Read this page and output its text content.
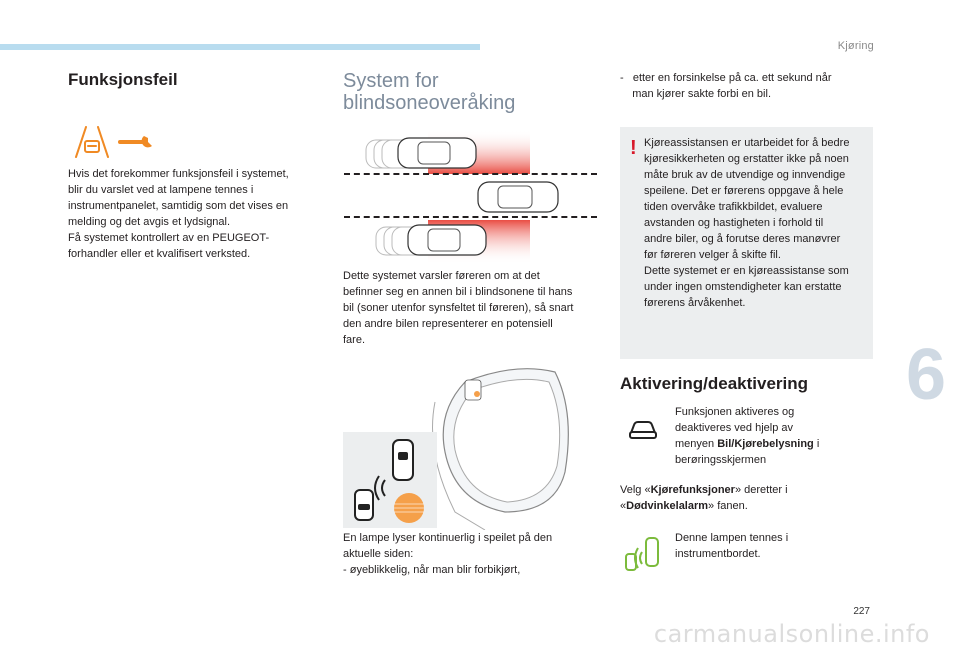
Kjøring
6
Funksjonsfeil

Hvis det forekommer funksjonsfeil i systemet,
blir du varslet ved at lampene tennes i
instrumentpanelet, samtidig som det vises en
melding og det avgis et lydsignal.
Få systemet kontrollert av en PEUGEOT-
forhandler eller et kvalifisert verksted.

System for
blindsoneoveråking

Dette systemet varsler føreren om at det
befinner seg en annen bil i blindsonene til hans
bil (soner utenfor synsfeltet til føreren), så snart
den andre bilen representerer en potensiell
fare.

En lampe lyser kontinuerlig i speilet på den
aktuelle siden:
- øyeblikkelig, når man blir forbikjørt,

-   etter en forsinkelse på ca. ett sekund når
man kjører sakte forbi en bil.

! Kjøreassistansen er utarbeidet for å bedre
kjøresikkerheten og erstatter ikke på noen
måte bruk av de utvendige og innvendige
speilene. Det er førerens oppgave å hele
tiden overvåke trafikkbildet, evaluere
avstanden og hastigheten i forhold til
andre biler, og å forutse deres manøvrer
før føreren velger å skifte fil.
Dette systemet er en kjøreassistanse som
under ingen omstendigheter kan erstatte
førerens årvåkenhet.

Aktivering/deaktivering

Funksjonen aktiveres og
deaktiveres ved hjelp av
menyen Bil/Kjørebelysning i
berøringsskjermen

Velg «Kjørefunksjoner» deretter i
«Dødvinkelalarm» fanen.

Denne lampen tennes i
instrumentbordet.

227
carmanualsonline.info
